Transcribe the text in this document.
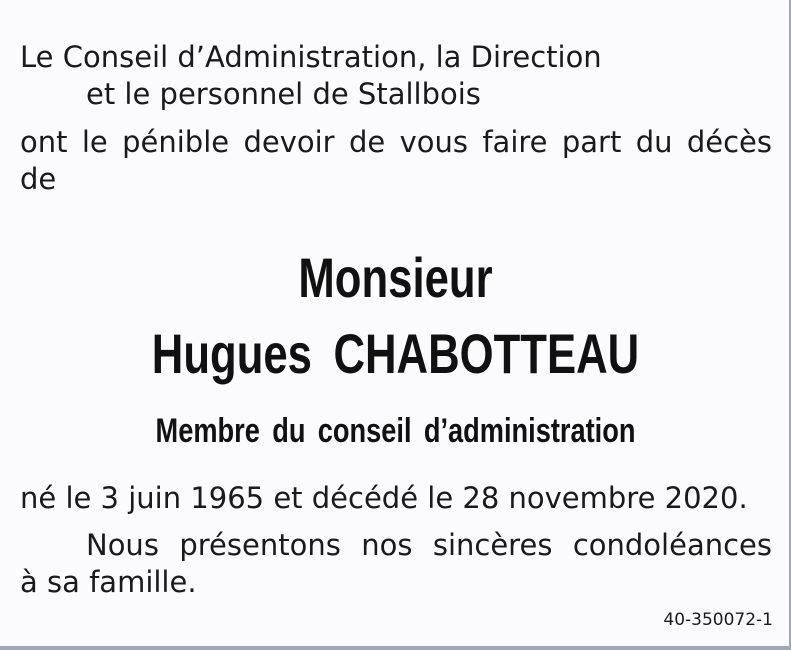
Le Conseil d’Administration, la Direction
et le personnel de Stallbois
ont le pénible devoir de vous faire part du décès
de
Monsieur
Hugues CHABOTTEAU
Membre du conseil d’administration
né le 3 juin 1965 et décédé le 28 novembre 2020.
Nous présentons nos sincères condoléances
à sa famille.
40-350072-1
